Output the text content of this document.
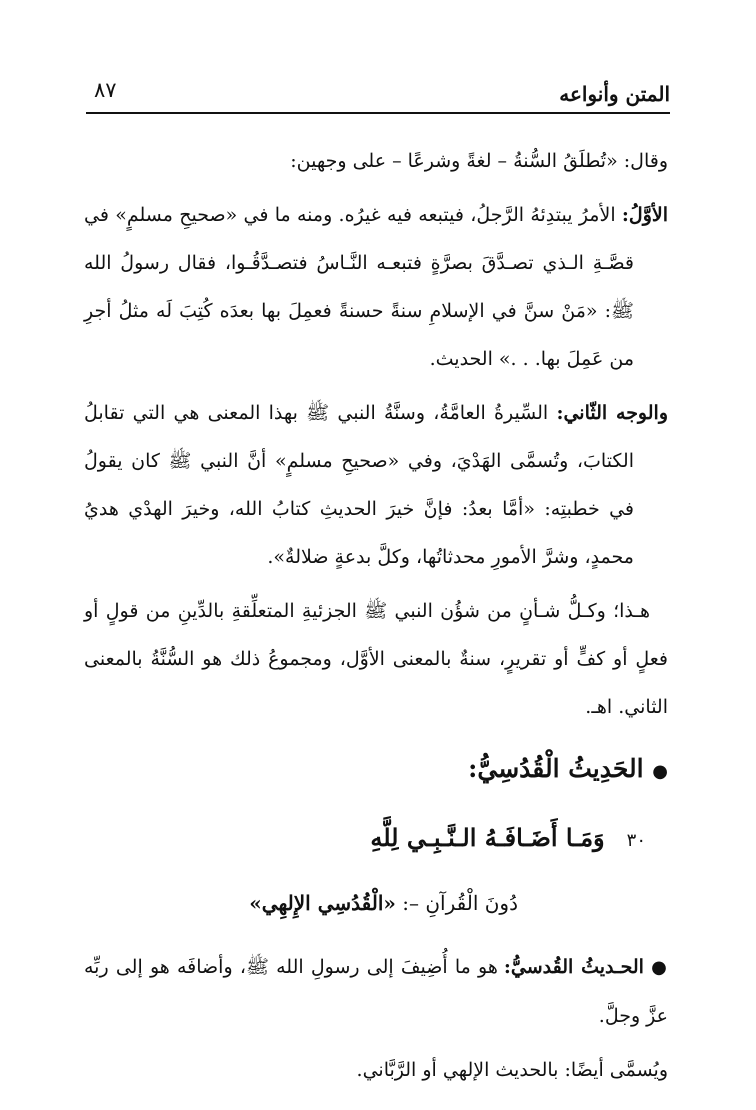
المتن وأنواعه
٨٧

وقال: «تُطلَقُ السُّنةُ – لغةً وشرعًا – على وجهين:

الأوَّلُ: الأمرُ يبتدِئهُ الرَّجلُ، فيتبعه فيه غيرُه. ومنه ما في «صحيحِ مسلمٍ» في قصَّـةِ الـذي تصـدَّقَ بصرَّةٍ فتبعـه النَّـاسُ فتصـدَّقُـوا، فقال رسولُ الله ﷺ: «مَنْ سنَّ في الإسلامِ سنةً حسنةً فعمِلَ بها بعدَه كُتِبَ لَه مثلُ أجرِ من عَمِلَ بها. . .» الحديث.

والوجه الثّاني: السِّيرةُ العامَّةُ، وسنَّةُ النبي ﷺ بهذا المعنى هي التي تقابلُ الكتابَ، وتُسمَّى الهَدْيَ، وفي «صحيحِ مسلمٍ» أنَّ النبي ﷺ كان يقولُ في خطبتِه: «أمَّا بعدُ: فإنَّ خيرَ الحديثِ كتابُ الله، وخيرَ الهدْي هديُ محمدٍ، وشرَّ الأمورِ محدثاتُها، وكلَّ بدعةٍ ضلالةٌ».

هـذا؛ وكـلُّ شـأنٍ من شؤُن النبي ﷺ الجزئيةِ المتعلِّقةِ بالدِّينِ من قولٍ أو فعلٍ أو كفٍّ أو تقريرٍ، سنةٌ بالمعنى الأوَّل، ومجموعُ ذلك هو السُّنَّةُ بالمعنى الثاني. اهـ.

● الحَدِيثُ الْقُدُسِيُّ:
٣٠وَمَـا أَضَـافَـهُ الـنَّـبِـي لِلَّهِ
دُونَ الْقُرآنِ –: «الْقُدُسِي الإِلهِي»

● الحـديثُ القُدسيُّ: هو ما أُضِيفَ إلى رسولِ الله ﷺ، وأضافَه هو إلى ربِّه عزَّ وجلَّ.

ويُسمَّى أيضًا: بالحديث الإلهي أو الرَّبَّاني.
